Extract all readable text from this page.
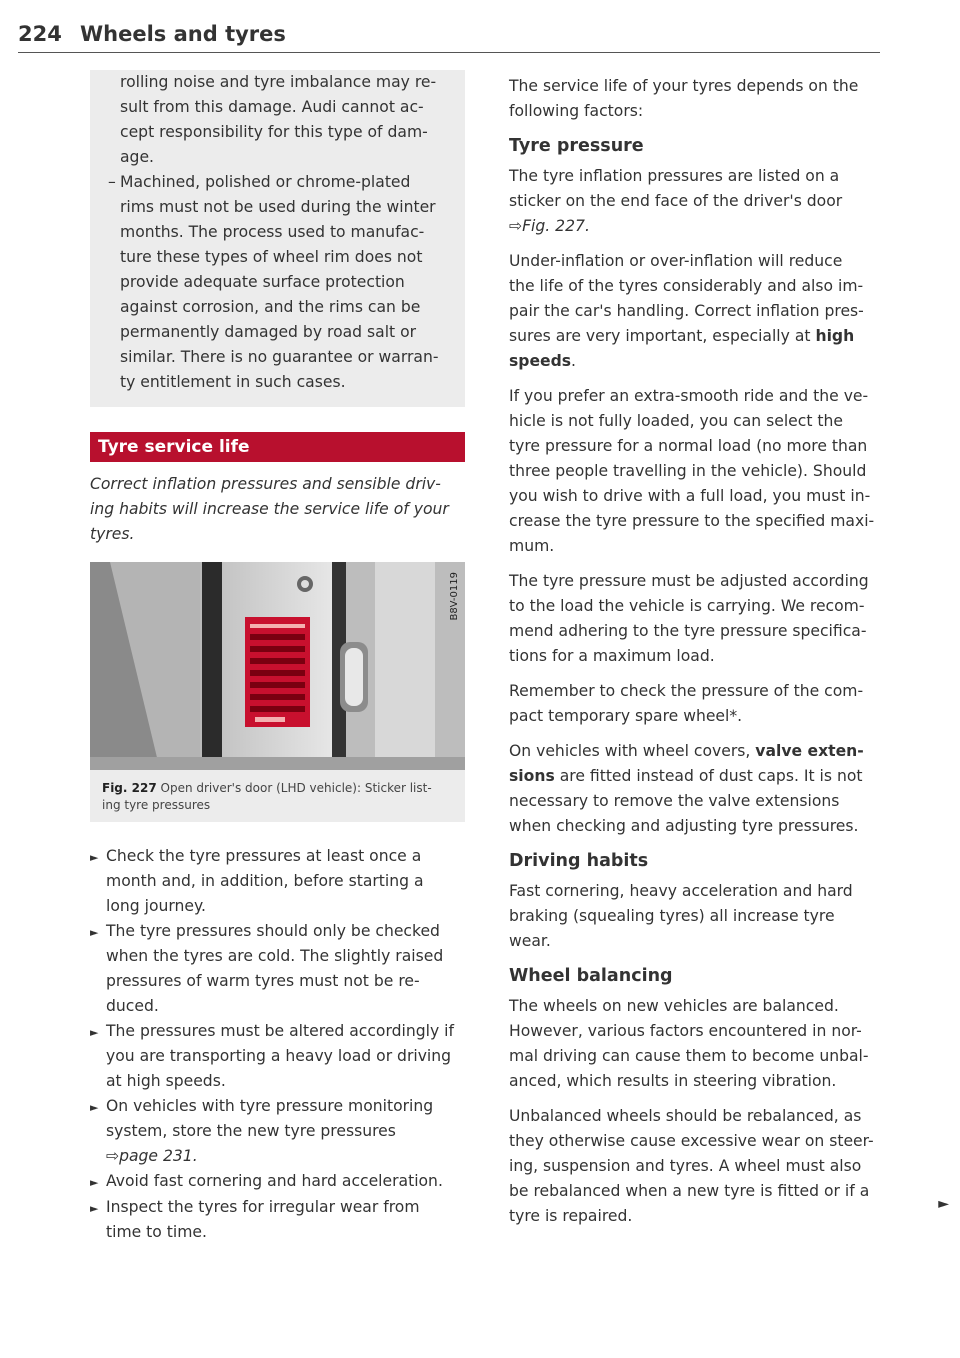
224 Wheels and tyres

rolling noise and tyre imbalance may re-

sult from this damage. Audi cannot ac-

cept responsibility for this type of dam-

age.

– Machined, polished or chrome-plated

rims must not be used during the winter

months. The process used to manufac-

ture these types of wheel rim does not

provide adequate surface protection

against corrosion, and the rims can be

permanently damaged by road salt or

similar. There is no guarantee or warran-

ty entitlement in such cases.

Tyre service life

Correct inflation pressures and sensible driv-
ing habits will increase the service life of your
tyres.

B8V-0119
Fig. 227 Open driver's door (LHD vehicle): Sticker list-
ing tyre pressures
► Check the tyre pressures at least once a
month and, in addition, before starting a
long journey.
► The tyre pressures should only be checked
when the tyres are cold. The slightly raised
pressures of warm tyres must not be re-
duced.
► The pressures must be altered accordingly if
you are transporting a heavy load or driving
at high speeds.
► On vehicles with tyre pressure monitoring
system, store the new tyre pressures
⇨page 231.
► Avoid fast cornering and hard acceleration.
► Inspect the tyres for irregular wear from
time to time.

The service life of your tyres depends on the
following factors:

Tyre pressure

The tyre inflation pressures are listed on a
sticker on the end face of the driver's door
⇨Fig. 227.

Under-inflation or over-inflation will reduce
the life of the tyres considerably and also im-
pair the car's handling. Correct inflation pres-
sures are very important, especially at high speeds.

If you prefer an extra-smooth ride and the ve-
hicle is not fully loaded, you can select the
tyre pressure for a normal load (no more than
three people travelling in the vehicle). Should
you wish to drive with a full load, you must in-
crease the tyre pressure to the specified maxi-
mum.

The tyre pressure must be adjusted according
to the load the vehicle is carrying. We recom-
mend adhering to the tyre pressure specifica-
tions for a maximum load.

Remember to check the pressure of the com-
pact temporary spare wheel*.

On vehicles with wheel covers, valve exten- sions are fitted instead of dust caps. It is not
necessary to remove the valve extensions
when checking and adjusting tyre pressures.

Driving habits

Fast cornering, heavy acceleration and hard
braking (squealing tyres) all increase tyre
wear.

Wheel balancing

The wheels on new vehicles are balanced.
However, various factors encountered in nor-
mal driving can cause them to become unbal-
anced, which results in steering vibration.

Unbalanced wheels should be rebalanced, as
they otherwise cause excessive wear on steer-
ing, suspension and tyres. A wheel must also
be rebalanced when a new tyre is fitted or if a
tyre is repaired.
►
